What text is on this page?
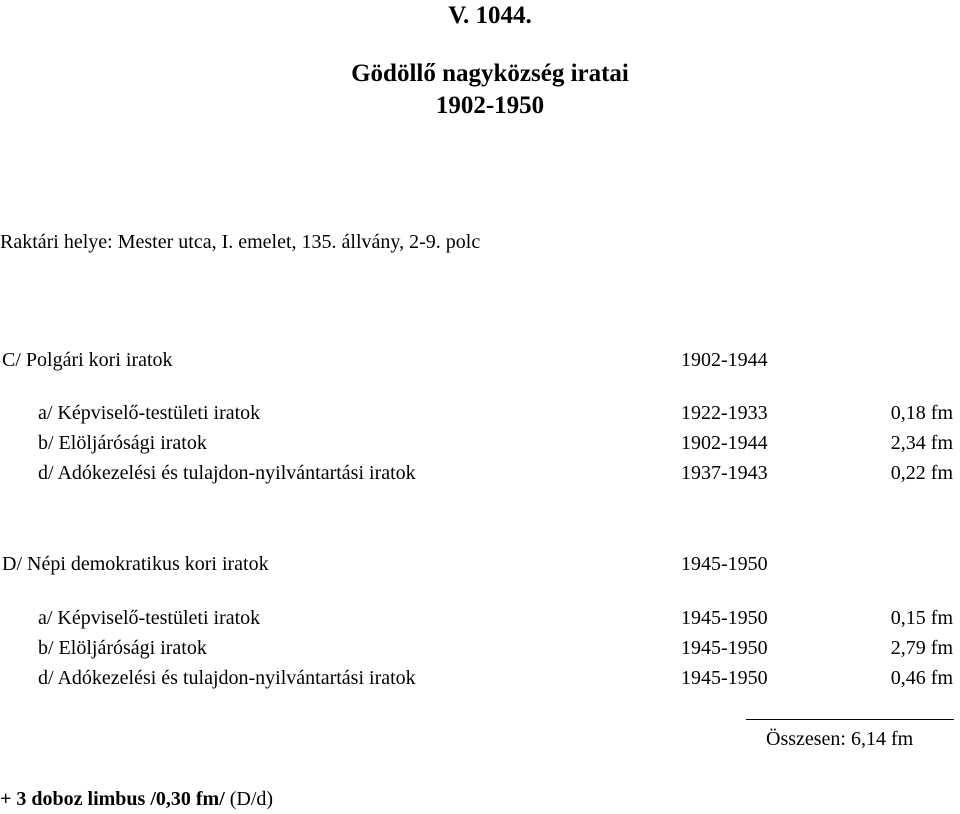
V. 1044.
Gödöllő nagyközség iratai
1902-1950
Raktári helye: Mester utca, I. emelet, 135. állvány, 2-9. polc
C/ Polgári kori iratok	1902-1944
a/ Képviselő-testületi iratok	1922-1933	0,18 fm
b/ Elöljárósági iratok	1902-1944	2,34 fm
d/ Adókezelési és tulajdon-nyilvántartási iratok	1937-1943	0,22 fm
D/ Népi demokratikus kori iratok	1945-1950
a/ Képviselő-testületi iratok	1945-1950	0,15 fm
b/ Elöljárósági iratok	1945-1950	2,79 fm
d/ Adókezelési és tulajdon-nyilvántartási iratok	1945-1950	0,46 fm
Összesen: 6,14 fm
+ 3 doboz limbus /0,30 fm/ (D/d)
